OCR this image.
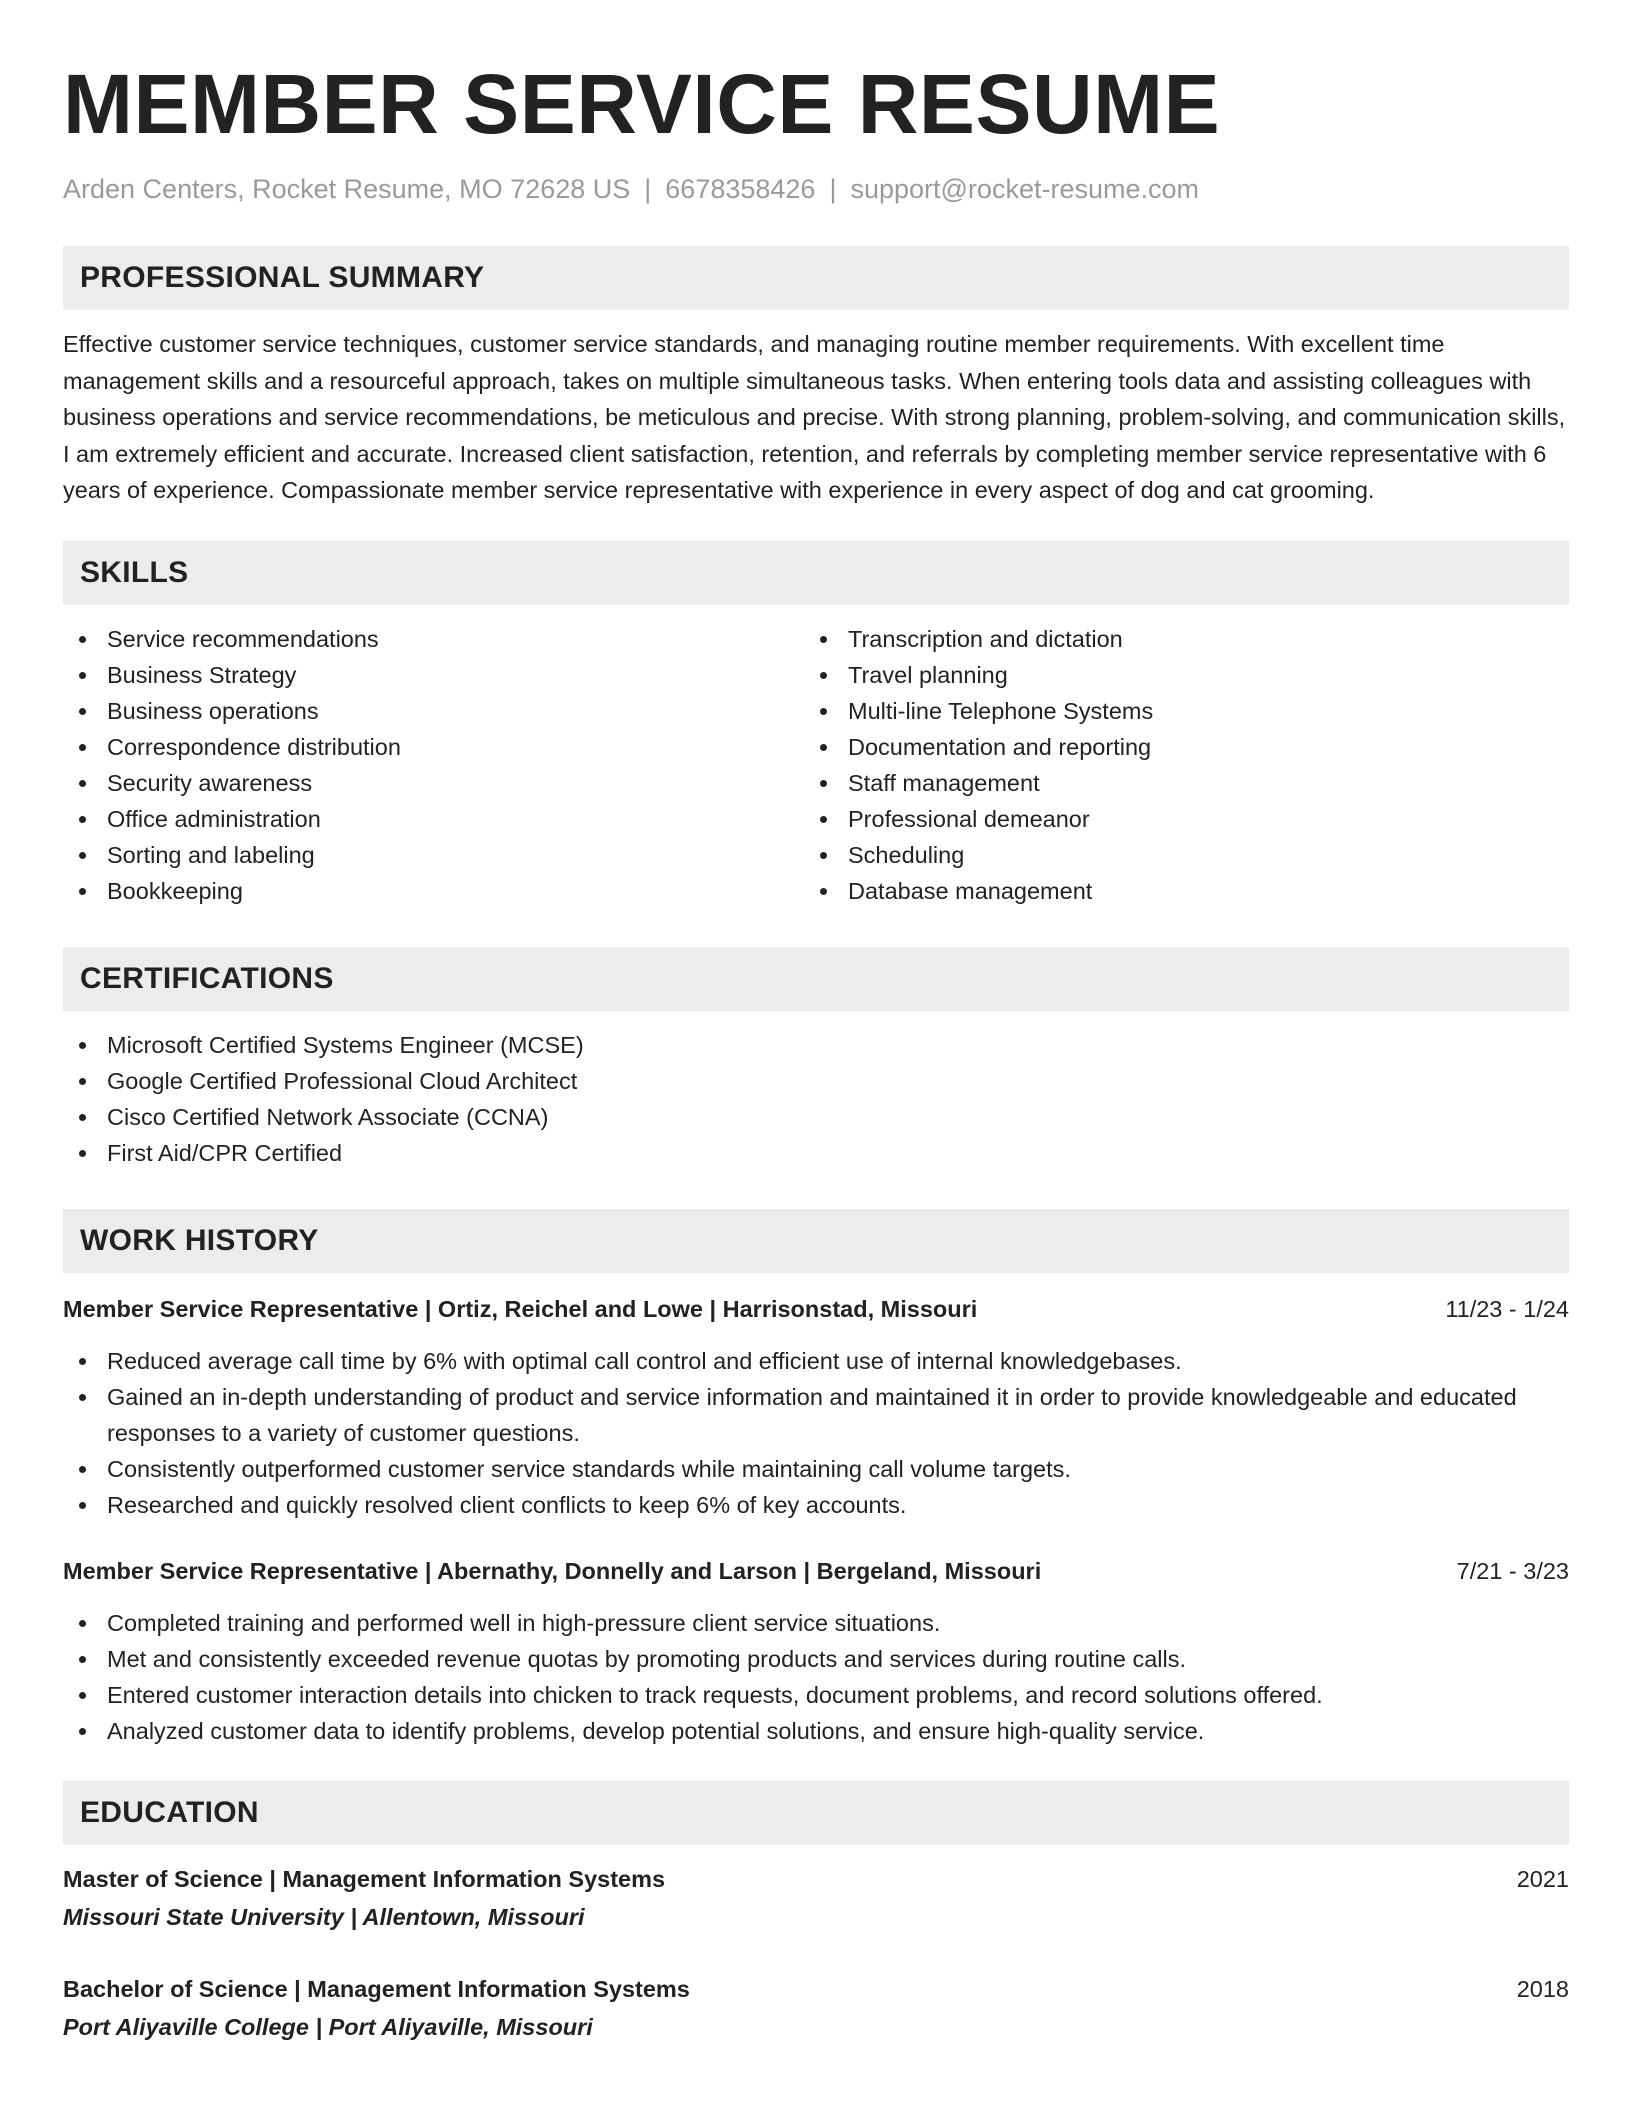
MEMBER SERVICE RESUME
Arden Centers, Rocket Resume, MO 72628 US | 6678358426 | support@rocket-resume.com
PROFESSIONAL SUMMARY

Effective customer service techniques, customer service standards, and managing routine member requirements. With excellent time management skills and a resourceful approach, takes on multiple simultaneous tasks. When entering tools data and assisting colleagues with business operations and service recommendations, be meticulous and precise. With strong planning, problem-solving, and communication skills, I am extremely efficient and accurate. Increased client satisfaction, retention, and referrals by completing member service representative with 6 years of experience. Compassionate member service representative with experience in every aspect of dog and cat grooming.

SKILLS
Service recommendations
Business Strategy
Business operations
Correspondence distribution
Security awareness
Office administration
Sorting and labeling
Bookkeeping
Transcription and dictation
Travel planning
Multi-line Telephone Systems
Documentation and reporting
Staff management
Professional demeanor
Scheduling
Database management
CERTIFICATIONS
Microsoft Certified Systems Engineer (MCSE)
Google Certified Professional Cloud Architect
Cisco Certified Network Associate (CCNA)
First Aid/CPR Certified
WORK HISTORY
Member Service Representative | Ortiz, Reichel and Lowe | Harrisonstad, Missouri	11/23 - 1/24
Reduced average call time by 6% with optimal call control and efficient use of internal knowledgebases.
Gained an in-depth understanding of product and service information and maintained it in order to provide knowledgeable and educated responses to a variety of customer questions.
Consistently outperformed customer service standards while maintaining call volume targets.
Researched and quickly resolved client conflicts to keep 6% of key accounts.
Member Service Representative | Abernathy, Donnelly and Larson | Bergeland, Missouri	7/21 - 3/23
Completed training and performed well in high-pressure client service situations.
Met and consistently exceeded revenue quotas by promoting products and services during routine calls.
Entered customer interaction details into chicken to track requests, document problems, and record solutions offered.
Analyzed customer data to identify problems, develop potential solutions, and ensure high-quality service.
EDUCATION
Master of Science | Management Information Systems	2021
Missouri State University | Allentown, Missouri
Bachelor of Science | Management Information Systems	2018
Port Aliyaville College | Port Aliyaville, Missouri
